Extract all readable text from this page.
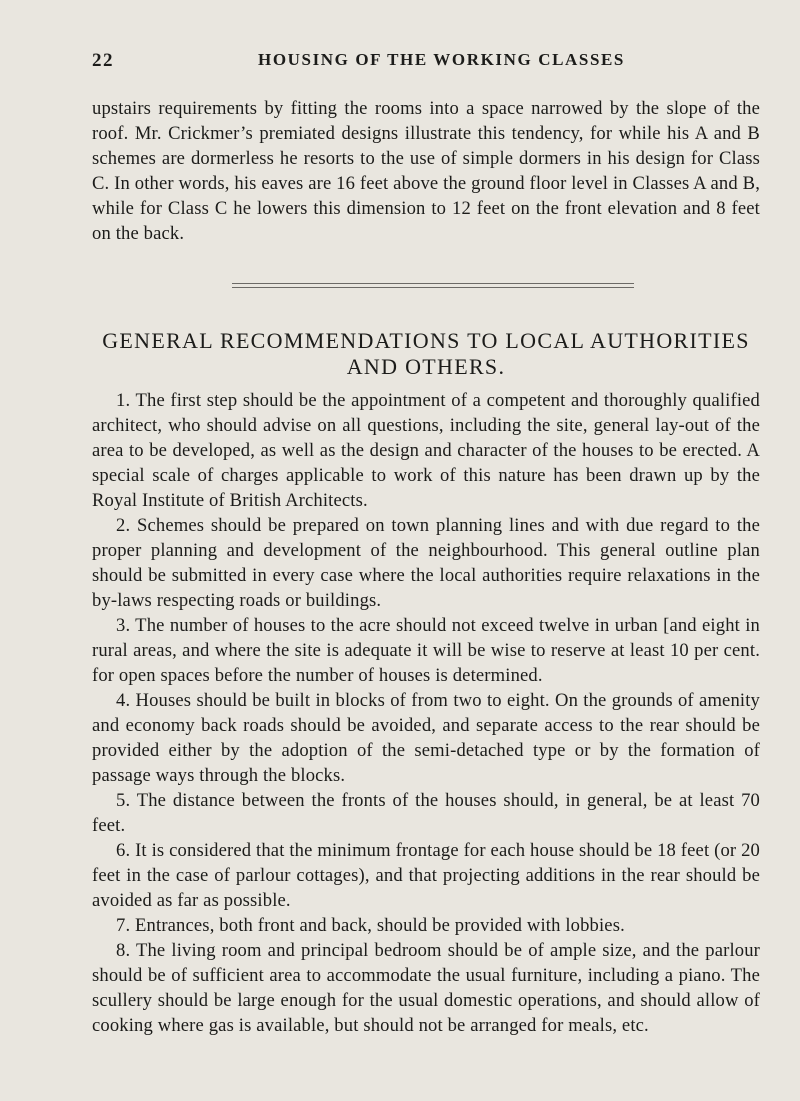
22	HOUSING OF THE WORKING CLASSES

upstairs requirements by fitting the rooms into a space narrowed by the slope of the roof. Mr. Crickmer’s premiated designs illustrate this tendency, for while his A and B schemes are dormerless he resorts to the use of simple dormers in his design for Class C. In other words, his eaves are 16 feet above the ground floor level in Classes A and B, while for Class C he lowers this dimension to 12 feet on the front elevation and 8 feet on the back.

GENERAL RECOMMENDATIONS TO LOCAL AUTHORITIES
AND OTHERS.

1. The first step should be the appointment of a competent and thoroughly qualified architect, who should advise on all questions, including the site, general lay-out of the area to be developed, as well as the design and character of the houses to be erected. A special scale of charges applicable to work of this nature has been drawn up by the Royal Institute of British Architects.

2. Schemes should be prepared on town planning lines and with due regard to the proper planning and development of the neighbourhood. This general outline plan should be submitted in every case where the local authorities require relaxations in the by-laws respecting roads or buildings.

3. The number of houses to the acre should not exceed twelve in urban [and eight in rural areas, and where the site is adequate it will be wise to reserve at least 10 per cent. for open spaces before the number of houses is determined.

4. Houses should be built in blocks of from two to eight. On the grounds of amenity and economy back roads should be avoided, and separate access to the rear should be provided either by the adoption of the semi-detached type or by the formation of passage ways through the blocks.

5. The distance between the fronts of the houses should, in general, be at least 70 feet.

6. It is considered that the minimum frontage for each house should be 18 feet (or 20 feet in the case of parlour cottages), and that projecting additions in the rear should be avoided as far as possible.

7. Entrances, both front and back, should be provided with lobbies.

8. The living room and principal bedroom should be of ample size, and the parlour should be of sufficient area to accommodate the usual furniture, including a piano. The scullery should be large enough for the usual domestic operations, and should allow of cooking where gas is available, but should not be arranged for meals, etc.
